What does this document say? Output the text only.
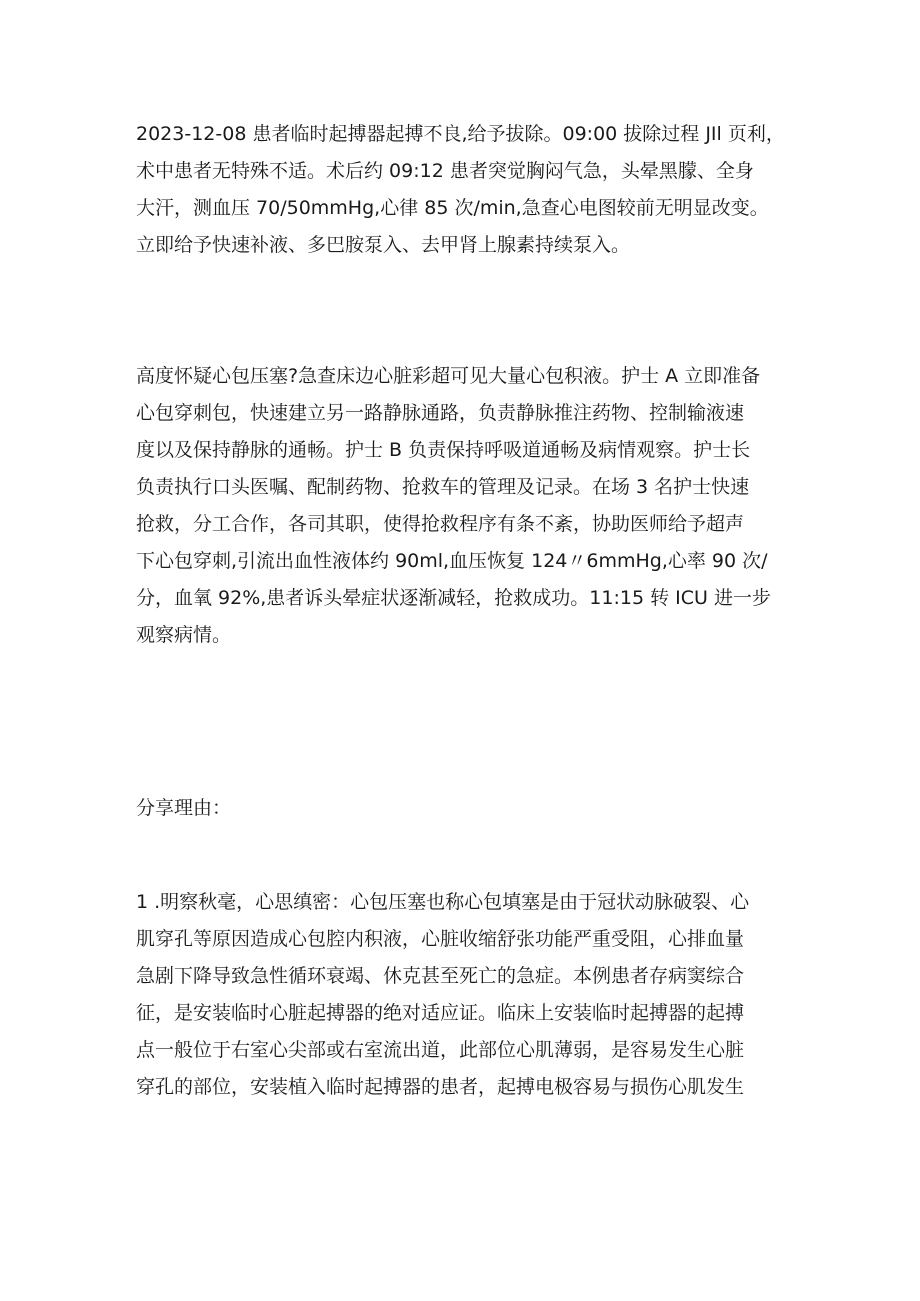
2023-12-08 患者临时起搏器起搏不良,给予拔除。09:00 拔除过程 JIl 页利，
术中患者无特殊不适。术后约 09:12 患者突觉胸闷气急，头晕黑朦、全身
大汗，测血压 70/50mmHg,心律 85 次/min,急查心电图较前无明显改变。
立即给予快速补液、多巴胺泵入、去甲肾上腺素持续泵入。
高度怀疑心包压塞?急查床边心脏彩超可见大量心包积液。护士 A 立即准备
心包穿刺包，快速建立另一路静脉通路，负责静脉推注药物、控制输液速
度以及保持静脉的通畅。护士 B 负责保持呼吸道通畅及病情观察。护士长
负责执行口头医嘱、配制药物、抢救车的管理及记录。在场 3 名护士快速
抢救，分工合作，各司其职，使得抢救程序有条不紊，协助医师给予超声
下心包穿刺,引流出血性液体约 90ml,血压恢复 124〃6mmHg,心率 90 次/
分，血氧 92%,患者诉头晕症状逐渐减轻，抢救成功。11:15 转 ICU 进一步
观察病情。
分享理由：
1 .明察秋毫，心思缜密：心包压塞也称心包填塞是由于冠状动脉破裂、心
肌穿孔等原因造成心包腔内积液，心脏收缩舒张功能严重受阻，心排血量
急剧下降导致急性循环衰竭、休克甚至死亡的急症。本例患者存病窦综合
征，是安装临时心脏起搏器的绝对适应证。临床上安装临时起搏器的起搏
点一般位于右室心尖部或右室流出道，此部位心肌薄弱，是容易发生心脏
穿孔的部位，安装植入临时起搏器的患者，起搏电极容易与损伤心肌发生
